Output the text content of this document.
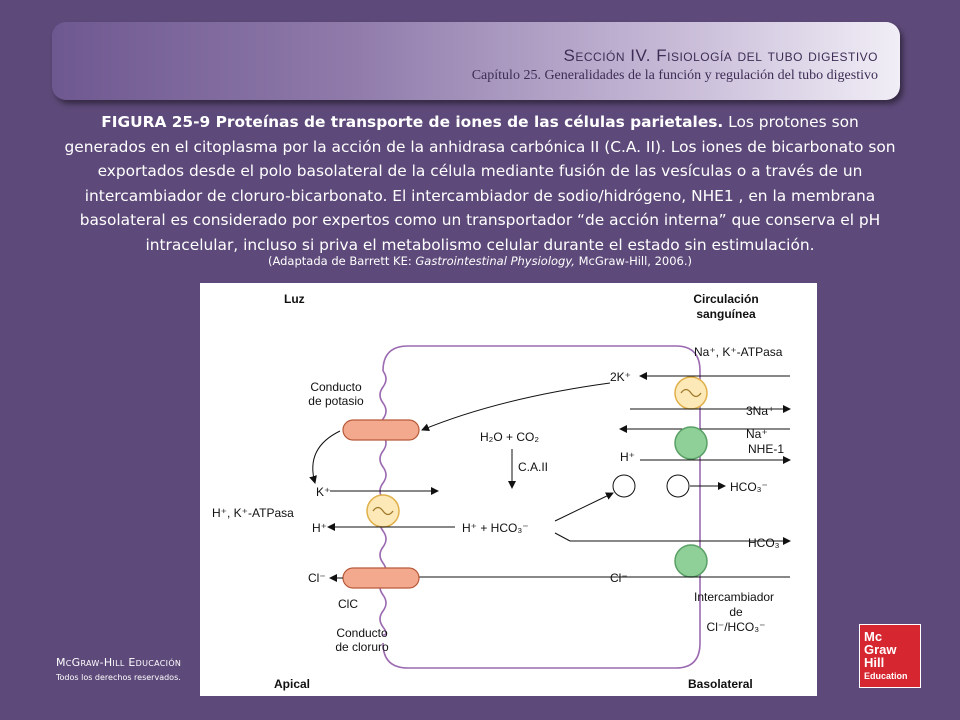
Sección IV. Fisiología del tubo digestivo
Capítulo 25. Generalidades de la función y regulación del tubo digestivo
FIGURA 25-9 Proteínas de transporte de iones de las células parietales. Los protones son generados en el citoplasma por la acción de la anhidrasa carbónica II (C.A. II). Los iones de bicarbonato son exportados desde el polo basolateral de la célula mediante fusión de las vesículas o a través de un intercambiador de cloruro-bicarbonato. El intercambiador de sodio/hidrógeno, NHE1 , en la membrana basolateral es considerado por expertos como un transportador “de acción interna” que conserva el pH intracelular, incluso si priva el metabolismo celular durante el estado sin estimulación.
(Adaptada de Barrett KE: Gastrointestinal Physiology, McGraw-Hill, 2006.)
Luz	Circulación
sanguínea
Na⁺, K⁺-ATPasa
2K⁺
3Na⁺
Na⁺
NHE-1
H⁺
HCO₃⁻
HCO₃⁻
Cl⁻
Intercambiador
de
Cl⁻/HCO₃⁻
Conducto
de potasio
K⁺
H₂O + CO₂
C.A.II
H⁺ + HCO₃⁻
H⁺, K⁺-ATPasa
H⁺
Cl⁻
ClC
Conducto
de cloruro
Apical	Basolateral
McGraw-Hill Educación
Todos los derechos reservados.
Mc
Graw
Hill
Education
